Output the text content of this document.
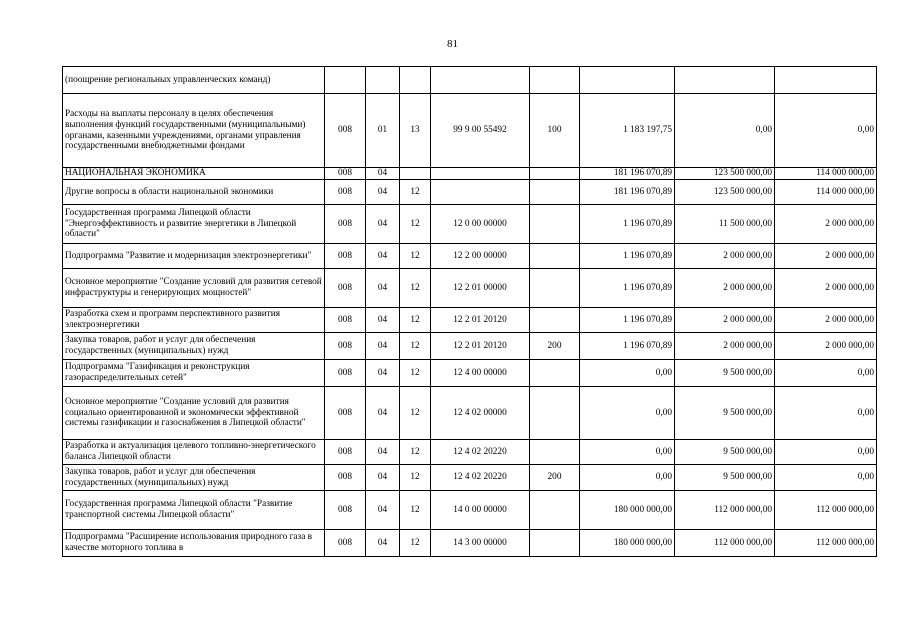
81
(поощрение региональных управленческих команд)								
Расходы на выплаты персоналу в целях обеспечения выполнения функций государственными (муниципальными) органами, казенными учреждениями, органами управления государственными внебюджетными фондами	008	01	13	99 9 00 55492	100	1 183 197,75	0,00	0,00
НАЦИОНАЛЬНАЯ ЭКОНОМИКА	008	04				181 196 070,89	123 500 000,00	114 000 000,00
Другие вопросы в области национальной экономики	008	04	12			181 196 070,89	123 500 000,00	114 000 000,00
Государственная программа Липецкой области "Энергоэффективность и развитие энергетики в Липецкой области"	008	04	12	12 0 00 00000		1 196 070,89	11 500 000,00	2 000 000,00
Подпрограмма "Развитие и модернизация электроэнергетики"	008	04	12	12 2 00 00000		1 196 070,89	2 000 000,00	2 000 000,00
Основное мероприятие "Создание условий для развития сетевой инфраструктуры и генерирующих мощностей"	008	04	12	12 2 01 00000		1 196 070,89	2 000 000,00	2 000 000,00
Разработка схем и программ перспективного развития электроэнергетики	008	04	12	12 2 01 20120		1 196 070,89	2 000 000,00	2 000 000,00
Закупка товаров, работ и услуг для обеспечения государственных (муниципальных) нужд	008	04	12	12 2 01 20120	200	1 196 070,89	2 000 000,00	2 000 000,00
Подпрограмма "Газификация и реконструкция газораспределительных сетей"	008	04	12	12 4 00 00000		0,00	9 500 000,00	0,00
Основное мероприятие "Создание условий для развития социально ориентированной и экономически эффективной системы газификации и газоснабжения в Липецкой области"	008	04	12	12 4 02 00000		0,00	9 500 000,00	0,00
Разработка и актуализация целевого топливно-энергетического баланса Липецкой области	008	04	12	12 4 02 20220		0,00	9 500 000,00	0,00
Закупка товаров, работ и услуг для обеспечения государственных (муниципальных) нужд	008	04	12	12 4 02 20220	200	0,00	9 500 000,00	0,00
Государственная программа Липецкой области "Развитие транспортной системы Липецкой области"	008	04	12	14 0 00 00000		180 000 000,00	112 000 000,00	112 000 000,00
Подпрограмма "Расширение использования природного газа в качестве моторного топлива в	008	04	12	14 3 00 00000		180 000 000,00	112 000 000,00	112 000 000,00
